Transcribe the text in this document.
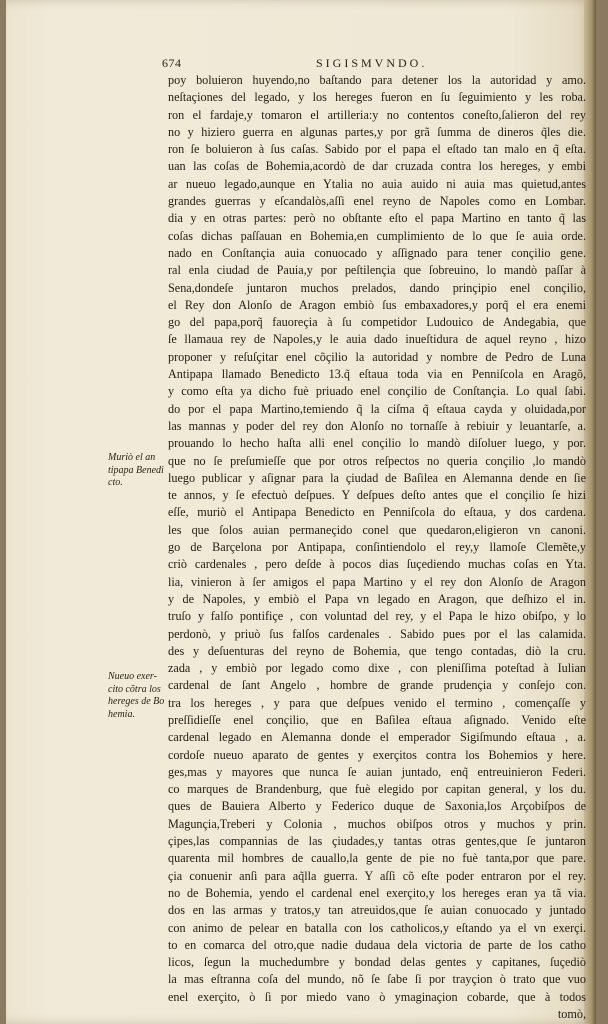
674	SIGISMVNDO.
poy boluieron huyendo,no baſtando para detener los la autoridad y amo.
neſtaçiones del legado, y los hereges fueron en ſu ſeguimiento y les roba.
ron el fardaje,y tomaron el artilleria:y no contentos coneſto,ſalieron del rey
no y hiziero guerra en algunas partes,y por grã ſumma de dineros q̃les die.
ron ſe boluieron à ſus caſas. Sabido por el papa el eſtado tan malo en q̃ eſta.
uan las coſas de Bohemia,acordò de dar cruzada contra los hereges, y embi
ar nueuo legado,aunque en Ytalia no auia auido ni auia mas quietud,antes
grandes guerras y eſcandalòs,aſſi enel reyno de Napoles como en Lombar.
dia y en otras partes: però no obſtante eſto el papa Martino en tanto q̃ las
coſas dichas paſſauan en Bohemia,en cumplimiento de lo que ſe auia orde.
nado en Conſtançia auia conuocado y aſſignado para tener conçilio gene.
ral enla ciudad de Pauia,y por peſtilençia que ſobreuino, lo mandò paſſar à
Sena,dondeſe juntaron muchos prelados, dando prinçipio enel conçilio,
el Rey don Alonſo de Aragon embiò ſus embaxadores,y porq̃ el era enemi
go del papa,porq̃ fauoreçia à ſu competidor Ludouico de Andegabia, que
ſe llamaua rey de Napoles,y le auia dado inueſtidura de aquel reyno , hizo
proponer y reſuſçitar enel cõçilio la autoridad y nombre de Pedro de Luna
Antipapa llamado Benedicto 13.q̃ eſtaua toda via en Penniſcola en Aragõ,
y como eſta ya dicho fuè priuado enel conçilio de Conſtançia. Lo qual ſabi.
do por el papa Martino,temiendo q̃ la ciſma q̃ eſtaua cayda y oluidada,por
las mannas y poder del rey don Alonſo no tornaſſe à rebiuir y leuantarſe, a.
prouando lo hecho haſta alli enel conçilio lo mandò diſoluer luego, y por.
que no ſe preſumieſſe que por otros reſpectos no queria conçilio ,lo mandò
luego publicar y aſignar para la çiudad de Baſilea en Alemanna dende en ſie
te annos, y ſe efectuò deſpues. Y deſpues deſto antes que el conçilio ſe hizi
eſſe, muriò el Antipapa Benedicto en Penniſcola do eſtaua, y dos cardena.
les que ſolos auian permaneçido conel que quedaron,eligieron vn canoni.
go de Barçelona por Antipapa, conſintiendolo el rey,y llamoſe Clemẽte,y
criò cardenales , pero deſde à pocos dias ſuçediendo muchas coſas en Yta.
lia, vinieron à ſer amigos el papa Martino y el rey don Alonſo de Aragon
y de Napoles, y embiò el Papa vn legado en Aragon, que deſhizo el in.
truſo y falſo pontifiçe , con voluntad del rey, y el Papa le hizo obiſpo, y lo
perdonò, y priuò ſus falſos cardenales . Sabido pues por el las calamida.
des y deſuenturas del reyno de Bohemia, que tengo contadas, diò la cru.
zada , y embiò por legado como dixe , con pleniſſima poteſtad à Iulian
cardenal de ſant Angelo , hombre de grande prudençia y conſejo con.
tra los hereges , y para que deſpues venido el termino , començaſſe y
preſſidieſſe enel conçilio, que en Baſilea eſtaua aſignado. Venido eſte
cardenal legado en Alemanna donde el emperador Sigiſmundo eſtaua , a.
cordoſe nueuo aparato de gentes y exerçitos contra los Bohemios y here.
ges,mas y mayores que nunca ſe auian juntado, enq̃ entreuinieron Federi.
co marques de Brandenburg, que fuè elegido por capitan general, y los du.
ques de Bauiera Alberto y Federico duque de Saxonia,los Arçobiſpos de
Magunçia,Treberi y Colonia , muchos obiſpos otros y muchos y prin.
çipes,las compannias de las çiudades,y tantas otras gentes,que ſe juntaron
quarenta mil hombres de cauallo,la gente de pie no fuè tanta,por que pare.
çia conuenir anſi para aq̃lla guerra. Y aſſi cõ eſte poder entraron por el rey.
no de Bohemia, yendo el cardenal enel exerçito,y los hereges eran ya tã via.
dos en las armas y tratos,y tan atreuidos,que ſe auian conuocado y juntado
con animo de pelear en batalla con los catholicos,y eſtando ya el vn exerçi.
to en comarca del otro,que nadie dudaua dela victoria de parte de los catho
licos, ſegun la muchedumbre y bondad delas gentes y capitanes, ſuçediò
la mas eſtranna coſa del mundo, nõ ſe ſabe ſi por trayçion ò trato que vuo
enel exerçito, ò ſi por miedo vano ò ymaginaçion cobarde, que à todos
tomò,
Muriò el an
tipapa Benedi
cto.
Nueuo exer-
cito cõtra los
hereges de Bo
hemia.
